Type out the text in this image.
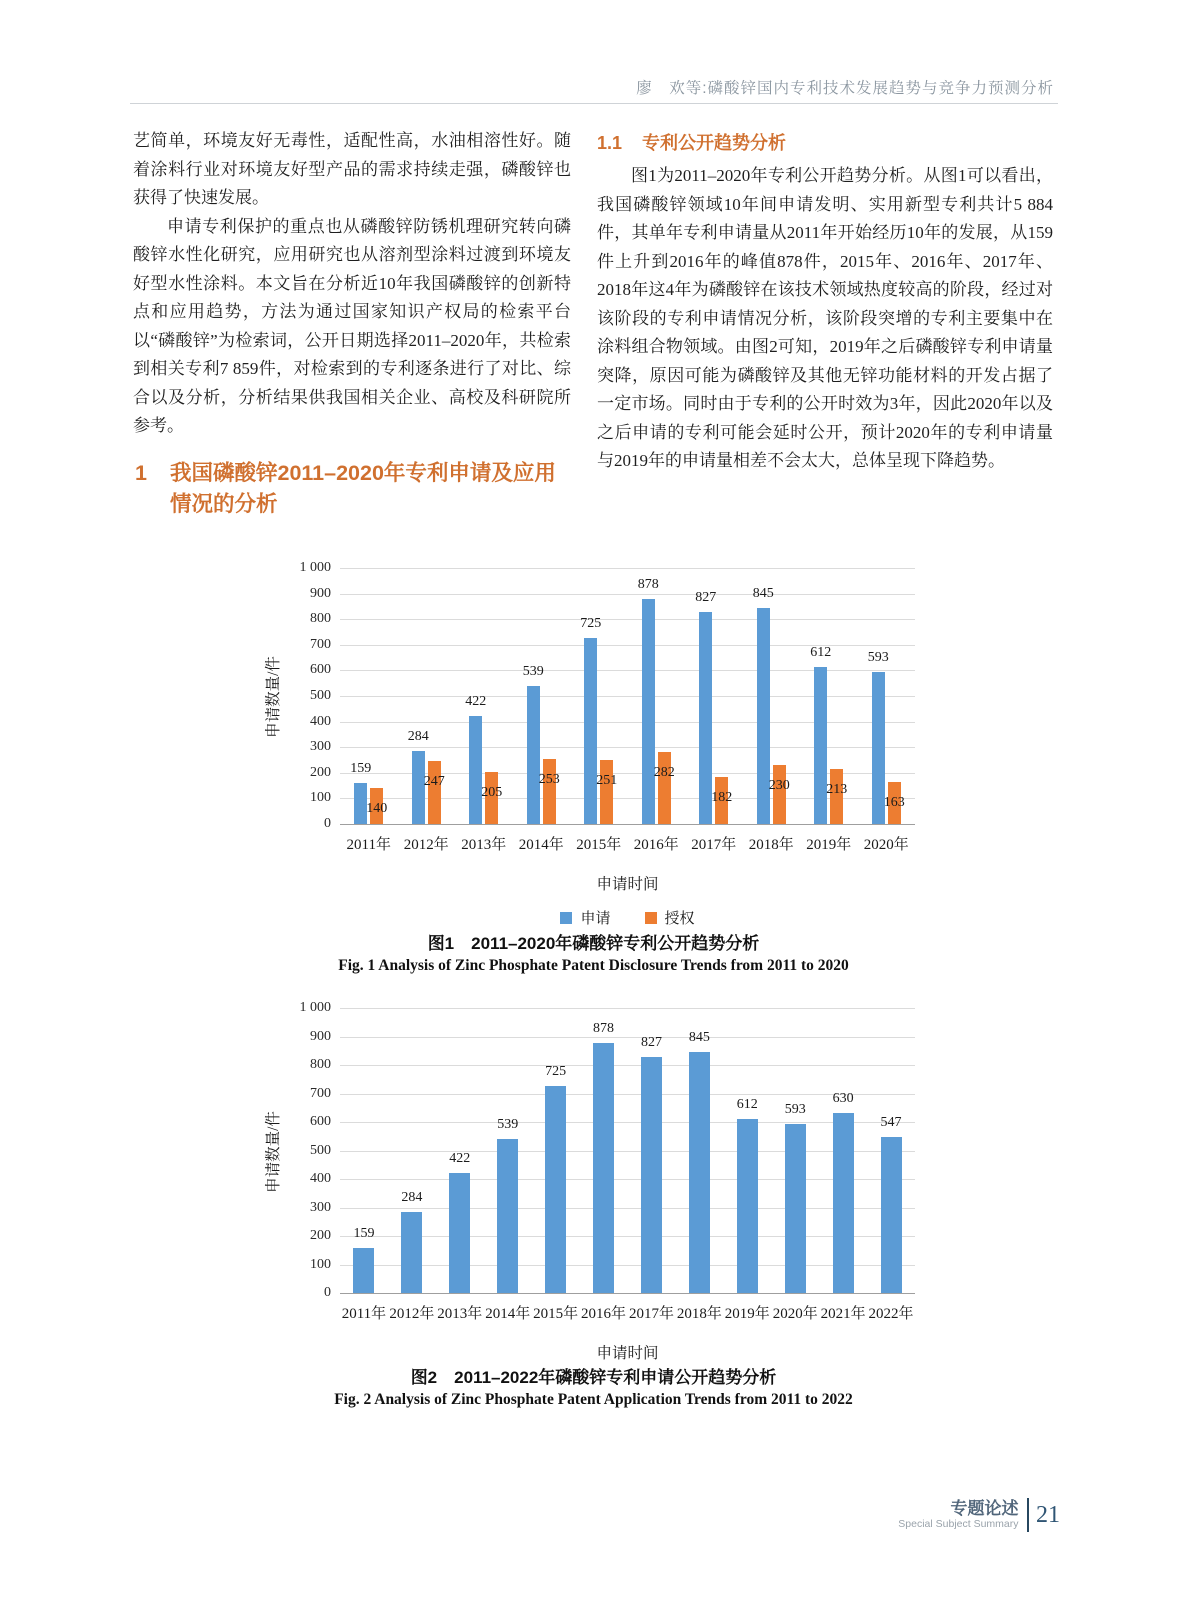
廖　欢等:磷酸锌国内专利技术发展趋势与竞争力预测分析

艺简单，环境友好无毒性，适配性高，水油相溶性好。随着涂料行业对环境友好型产品的需求持续走强，磷酸锌也获得了快速发展。

申请专利保护的重点也从磷酸锌防锈机理研究转向磷酸锌水性化研究，应用研究也从溶剂型涂料过渡到环境友好型水性涂料。本文旨在分析近10年我国磷酸锌的创新特点和应用趋势，方法为通过国家知识产权局的检索平台以“磷酸锌”为检索词，公开日期选择2011–2020年，共检索到相关专利7 859件，对检索到的专利逐条进行了对比、综合以及分析，分析结果供我国相关企业、高校及科研院所参考。

1 我国磷酸锌2011–2020年专利申请及应用情况的分析
1.1 专利公开趋势分析

图1为2011–2020年专利公开趋势分析。从图1可以看出，我国磷酸锌领域10年间申请发明、实用新型专利共计5 884件，其单年专利申请量从2011年开始经历10年的发展，从159件上升到2016年的峰值878件，2015年、2016年、2017年、2018年这4年为磷酸锌在该技术领域热度较高的阶段，经过对该阶段的专利申请情况分析，该阶段突增的专利主要集中在涂料组合物领域。由图2可知，2019年之后磷酸锌专利申请量突降，原因可能为磷酸锌及其他无锌功能材料的开发占据了一定市场。同时由于专利的公开时效为3年，因此2020年以及之后申请的专利可能会延时公开，预计2020年的专利申请量与2019年的申请量相差不会太大，总体呈现下降趋势。

0
100
200
300
400
500
600
700
800
900
1 000
申请数量/件
159
284
422
539
725
878
827	845
612	593
140
247
205
253	251
282
182
230	213
163
2011年 2012年 2013年 2014年 2015年 2016年 2017年 2018年 2019年 2020年
申请时间
申请	授权
图1　2011–2020年磷酸锌专利公开趋势分析
Fig. 1 Analysis of Zinc Phosphate Patent Disclosure Trends from 2011 to 2020
0
100
200
300
400
500
600
700
800
900
1 000
申请数量/件
159
284
422
539
725
878
827	845
612	593
630
547
2011年 2012年 2013年 2014年 2015年 2016年 2017年 2018年 2019年 2020年 2021年 2022年
申请时间
图2　2011–2022年磷酸锌专利申请公开趋势分析
Fig. 2 Analysis of Zinc Phosphate Patent Application Trends from 2011 to 2022
专题论述
Special Subject Summary 21
